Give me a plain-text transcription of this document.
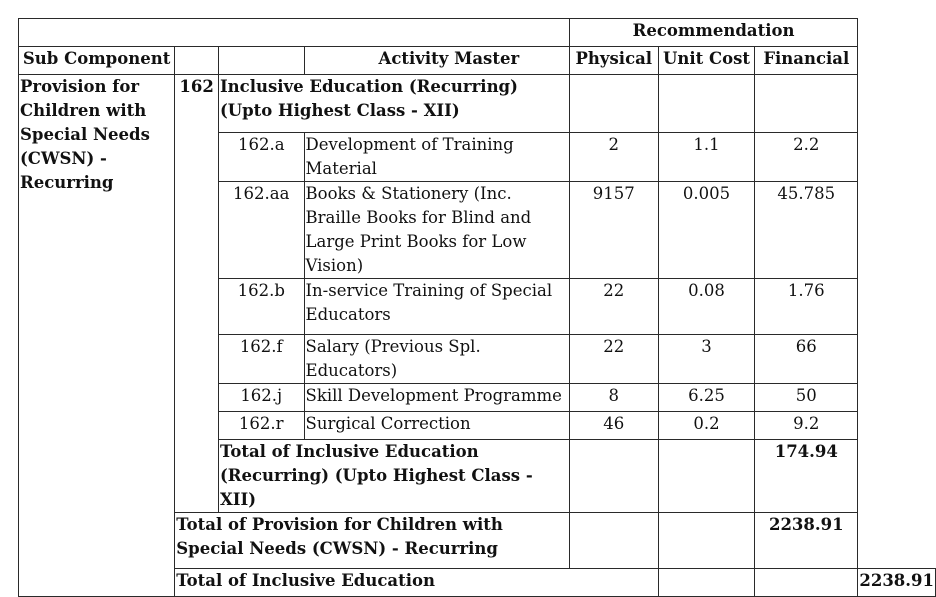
				Recommendation			
Sub Component			Activity Master	Physical	Unit Cost	Financial	
Provision for Children with Special Needs (CWSN) - Recurring	162	Inclusive Education (Recurring) (Upto Highest Class - XII)					
		162.a	Development of Training Material	2	1.1	2.2	
		162.aa	Books & Stationery (Inc. Braille Books for Blind and Large Print Books for Low Vision)	9157	0.005	45.785	
		162.b	In-service Training of Special Educators	22	0.08	1.76	
		162.f	Salary (Previous Spl. Educators)	22	3	66	
		162.j	Skill Development Programme	8	6.25	50	
		162.r	Surgical Correction	46	0.2	9.2	
		Total of Inclusive Education (Recurring) (Upto Highest Class - XII)				174.94	
	Total of Provision for Children with Special Needs (CWSN) - Recurring					2238.91	
	Total of Inclusive Education						2238.91
